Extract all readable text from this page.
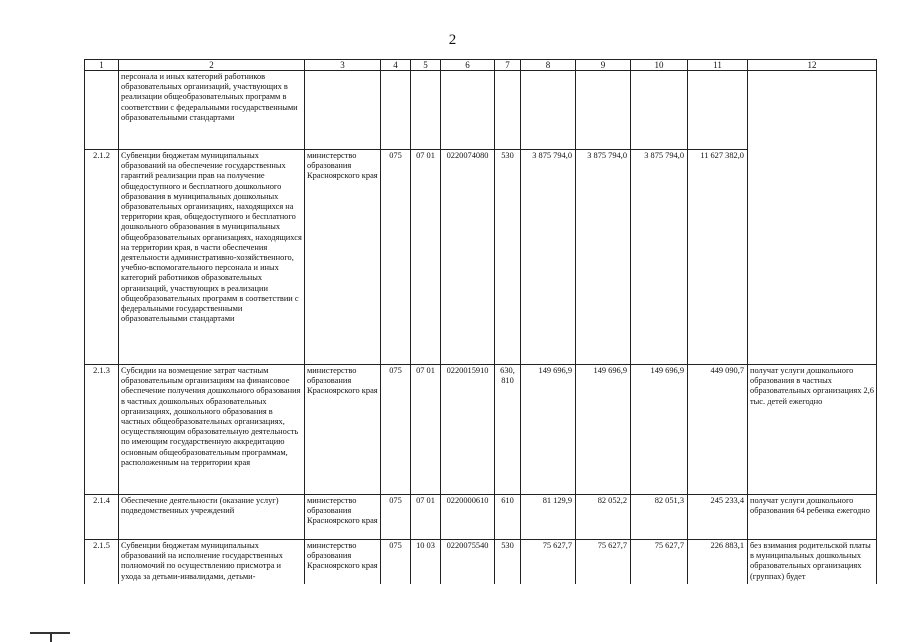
2
1	2	3	4	5	6	7	8	9	10	11	12
	персонала и иных категорий работников образовательных организаций, участвующих в реализации общеобразовательных программ в соответствии с федеральными государственными образовательными стандартами										
2.1.2	Субвенции бюджетам муниципальных образований на обеспечение государственных гарантий реализации прав на получение общедоступного и бесплатного дошкольного образования в муниципальных дошкольных образовательных организациях, находящихся на территории края, общедоступного и бесплатного дошкольного образования в муниципальных общеобразовательных организациях, находящихся на территории края, в части обеспечения деятельности административно-хозяйственного, учебно-вспомогательного персонала и иных категорий работников образовательных организаций, участвующих в реализации общеобразовательных программ в соответствии с федеральными государственными образовательными стандартами	министерство образования Красноярского края	075	07 01	0220074080	530	3 875 794,0	3 875 794,0	3 875 794,0	11 627 382,0	
2.1.3	Субсидии на возмещение затрат частным образовательным организациям на финансовое обеспечение получения дошкольного образования в частных дошкольных образовательных организациях, дошкольного образования в частных общеобразовательных организациях, осуществляющим образовательную деятельность по имеющим государственную аккредитацию основным общеобразовательным программам, расположенным на территории края	министерство образования Красноярского края	075	07 01	0220015910	630, 810	149 696,9	149 696,9	149 696,9	449 090,7	получат услуги дошкольного образования в частных образовательных организациях 2,6 тыс. детей ежегодно
2.1.4	Обеспечение деятельности (оказание услуг) подведомственных учреждений	министерство образования Красноярского края	075	07 01	0220000610	610	81 129,9	82 052,2	82 051,3	245 233,4	получат услуги дошкольного образования 64 ребенка ежегодно
2.1.5	Субвенции бюджетам муниципальных образований на исполнение государственных полномочий по осуществлению присмотра и ухода за детьми-инвалидами, детьми-	министерство образования Красноярского края	075	10 03	0220075540	530	75 627,7	75 627,7	75 627,7	226 883,1	без взимания родительской платы в муниципальных дошкольных образовательных организациях (группах) будет
